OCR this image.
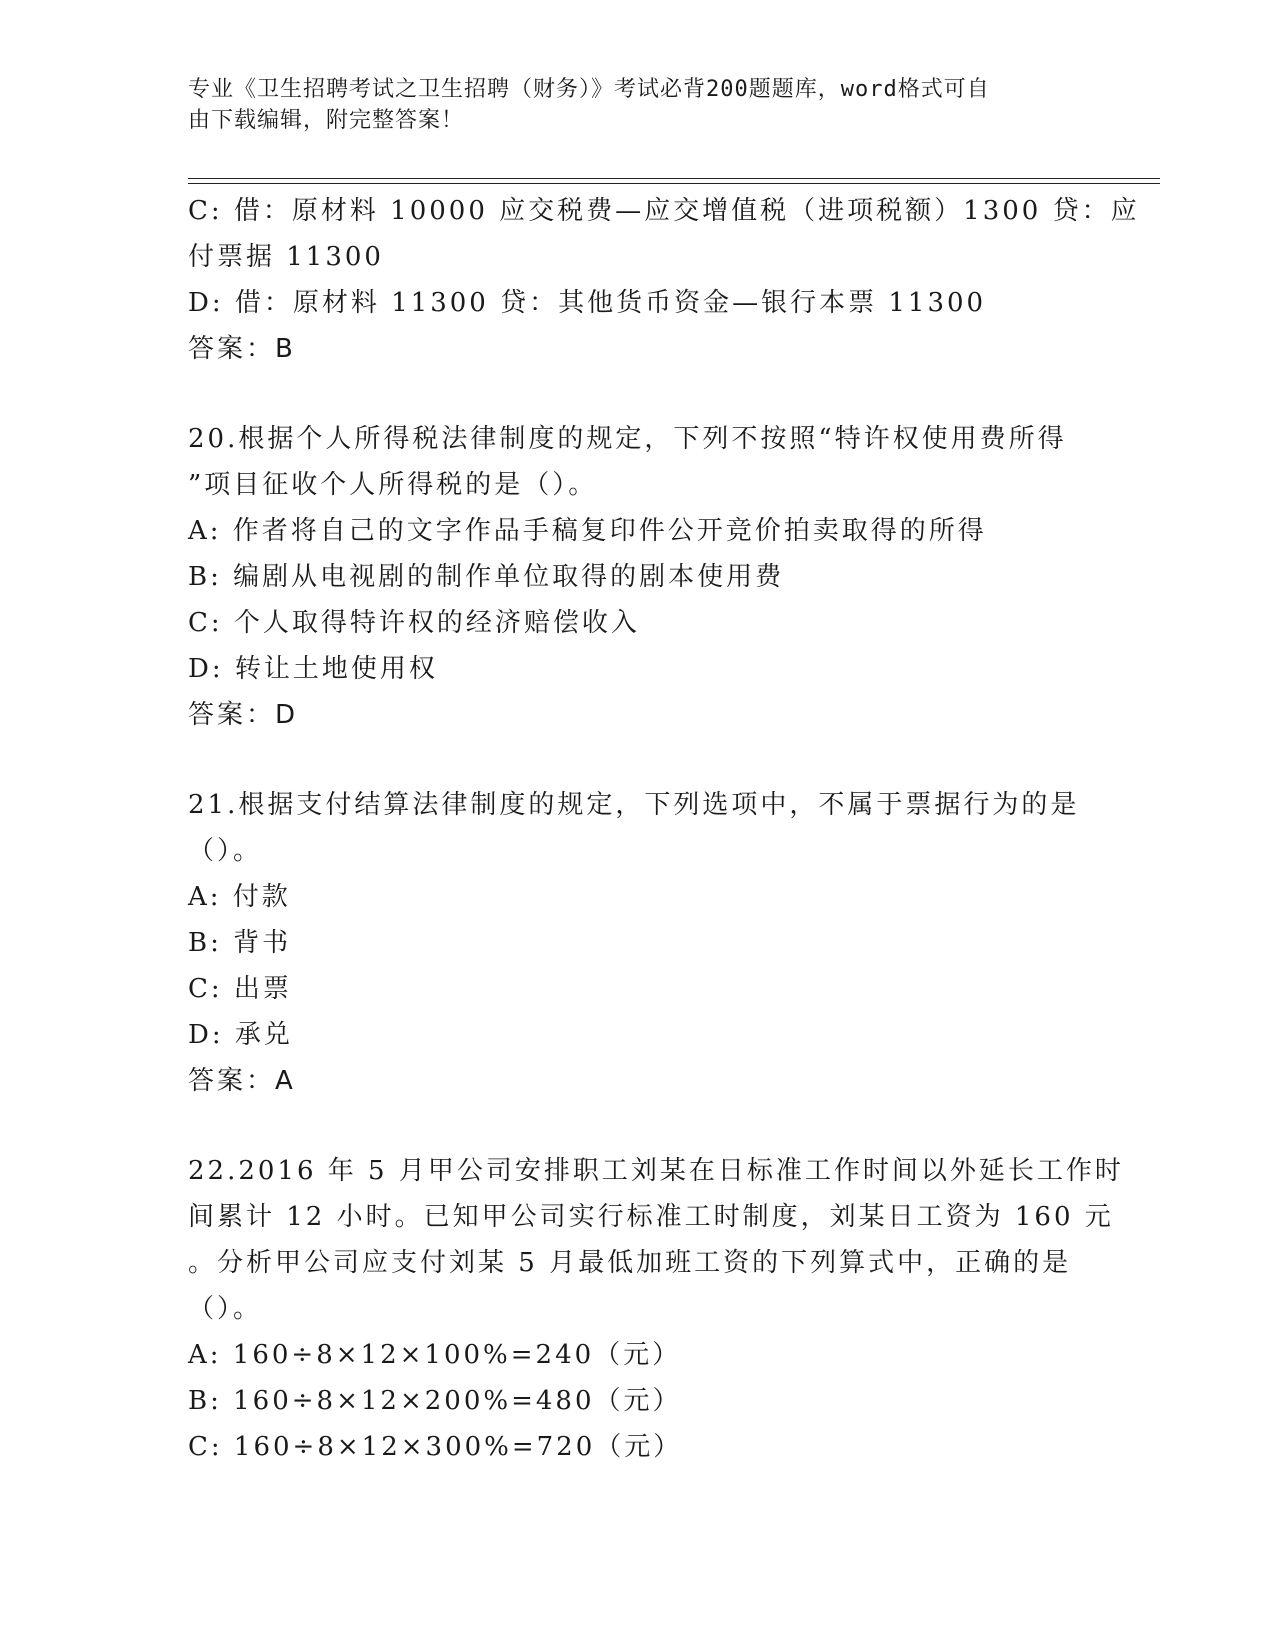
专业《卫生招聘考试之卫生招聘（财务）》考试必背200题题库，word格式可自
由下载编辑，附完整答案！
C: 借：原材料 10000 应交税费—应交增值税（进项税额）1300 贷：应
付票据 11300
D: 借：原材料 11300 贷：其他货币资金—银行本票 11300
答案：B
20.根据个人所得税法律制度的规定，下列不按照“特许权使用费所得
”项目征收个人所得税的是（）。
A: 作者将自己的文字作品手稿复印件公开竞价拍卖取得的所得
B: 编剧从电视剧的制作单位取得的剧本使用费
C: 个人取得特许权的经济赔偿收入
D: 转让土地使用权
答案：D
21.根据支付结算法律制度的规定，下列选项中，不属于票据行为的是
（）。
A: 付款
B: 背书
C: 出票
D: 承兑
答案：A
22.2016 年 5 月甲公司安排职工刘某在日标准工作时间以外延长工作时
间累计 12 小时。已知甲公司实行标准工时制度，刘某日工资为 160 元
。分析甲公司应支付刘某 5 月最低加班工资的下列算式中，正确的是
（）。
A: 160÷8×12×100%=240（元）
B: 160÷8×12×200%=480（元）
C: 160÷8×12×300%=720（元）
